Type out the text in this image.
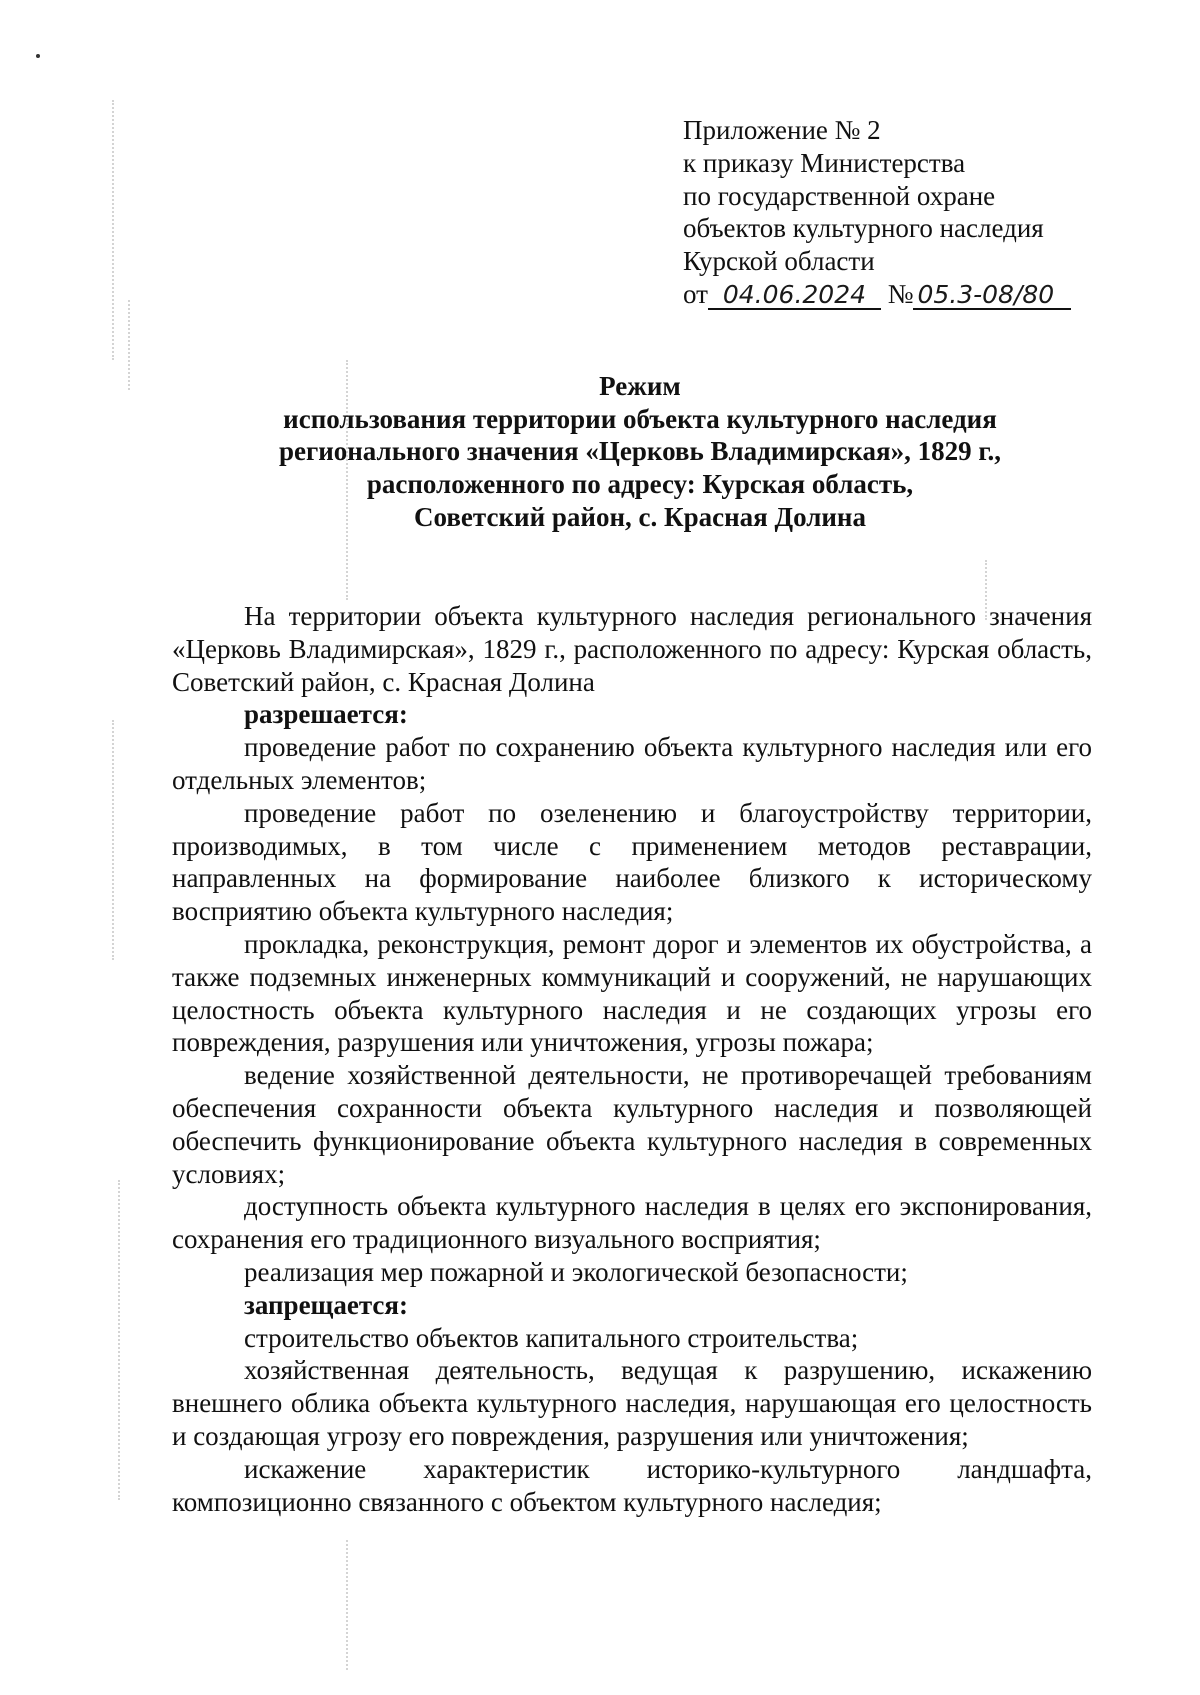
Приложение № 2
к приказу Министерства
по государственной охране
объектов культурного наследия
Курской области
от 04.06.2024 № 05.3-08/80
Режим
использования территории объекта культурного наследия
регионального значения «Церковь Владимирская», 1829 г.,
расположенного по адресу: Курская область,
Советский район, с. Красная Долина
На территории объекта культурного наследия регионального значения «Церковь Владимирская», 1829 г., расположенного по адресу: Курская область, Советский район, с. Красная Долина
разрешается:
проведение работ по сохранению объекта культурного наследия или его отдельных элементов;
проведение работ по озеленению и благоустройству территории, производимых, в том числе с применением методов реставрации, направленных на формирование наиболее близкого к историческому восприятию объекта культурного наследия;
прокладка, реконструкция, ремонт дорог и элементов их обустройства, а также подземных инженерных коммуникаций и сооружений, не нарушающих целостность объекта культурного наследия и не создающих угрозы его повреждения, разрушения или уничтожения, угрозы пожара;
ведение хозяйственной деятельности, не противоречащей требованиям обеспечения сохранности объекта культурного наследия и позволяющей обеспечить функционирование объекта культурного наследия в современных условиях;
доступность объекта культурного наследия в целях его экспонирования, сохранения его традиционного визуального восприятия;
реализация мер пожарной и экологической безопасности;
запрещается:
строительство объектов капитального строительства;
хозяйственная деятельность, ведущая к разрушению, искажению внешнего облика объекта культурного наследия, нарушающая его целостность и создающая угрозу его повреждения, разрушения или уничтожения;
искажение характеристик историко-культурного ландшафта, композиционно связанного с объектом культурного наследия;
